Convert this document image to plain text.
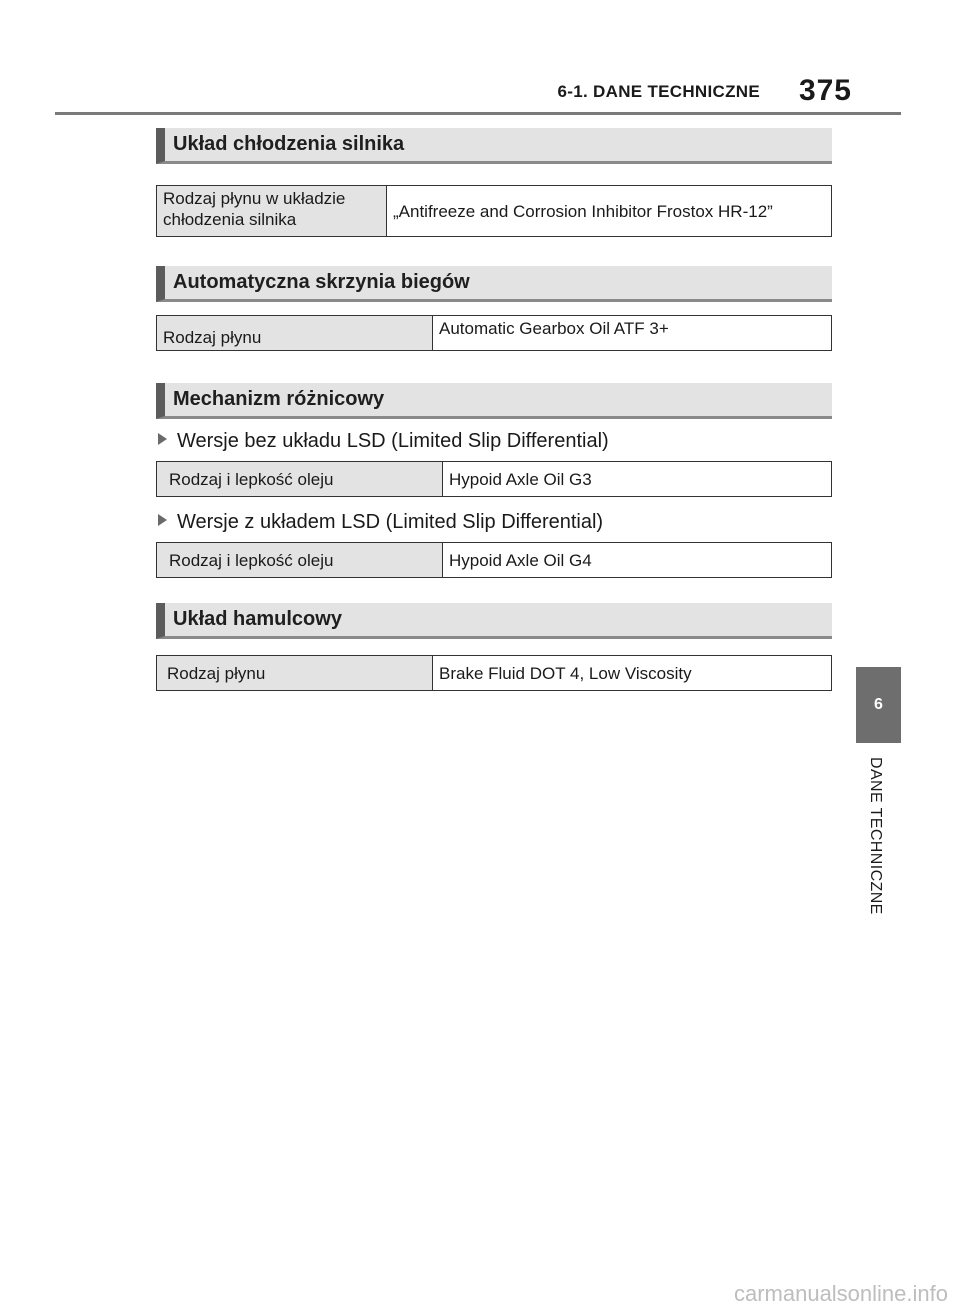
6-1. DANE TECHNICZNE 375
Układ chłodzenia silnika
Rodzaj płynu w układzie
chłodzenia silnika	„Antifreeze and Corrosion Inhibitor Frostox HR-12”
Automatyczna skrzynia biegów
Rodzaj płynu	Automatic Gearbox Oil ATF 3+
Mechanizm różnicowy
Wersje bez układu LSD (Limited Slip Differential)
Rodzaj i lepkość oleju	Hypoid Axle Oil G3
Wersje z układem LSD (Limited Slip Differential)
Rodzaj i lepkość oleju	Hypoid Axle Oil G4
Układ hamulcowy
Rodzaj płynu	Brake Fluid DOT 4, Low Viscosity
6
DANE TECHNICZNE
carmanualsonline.info
